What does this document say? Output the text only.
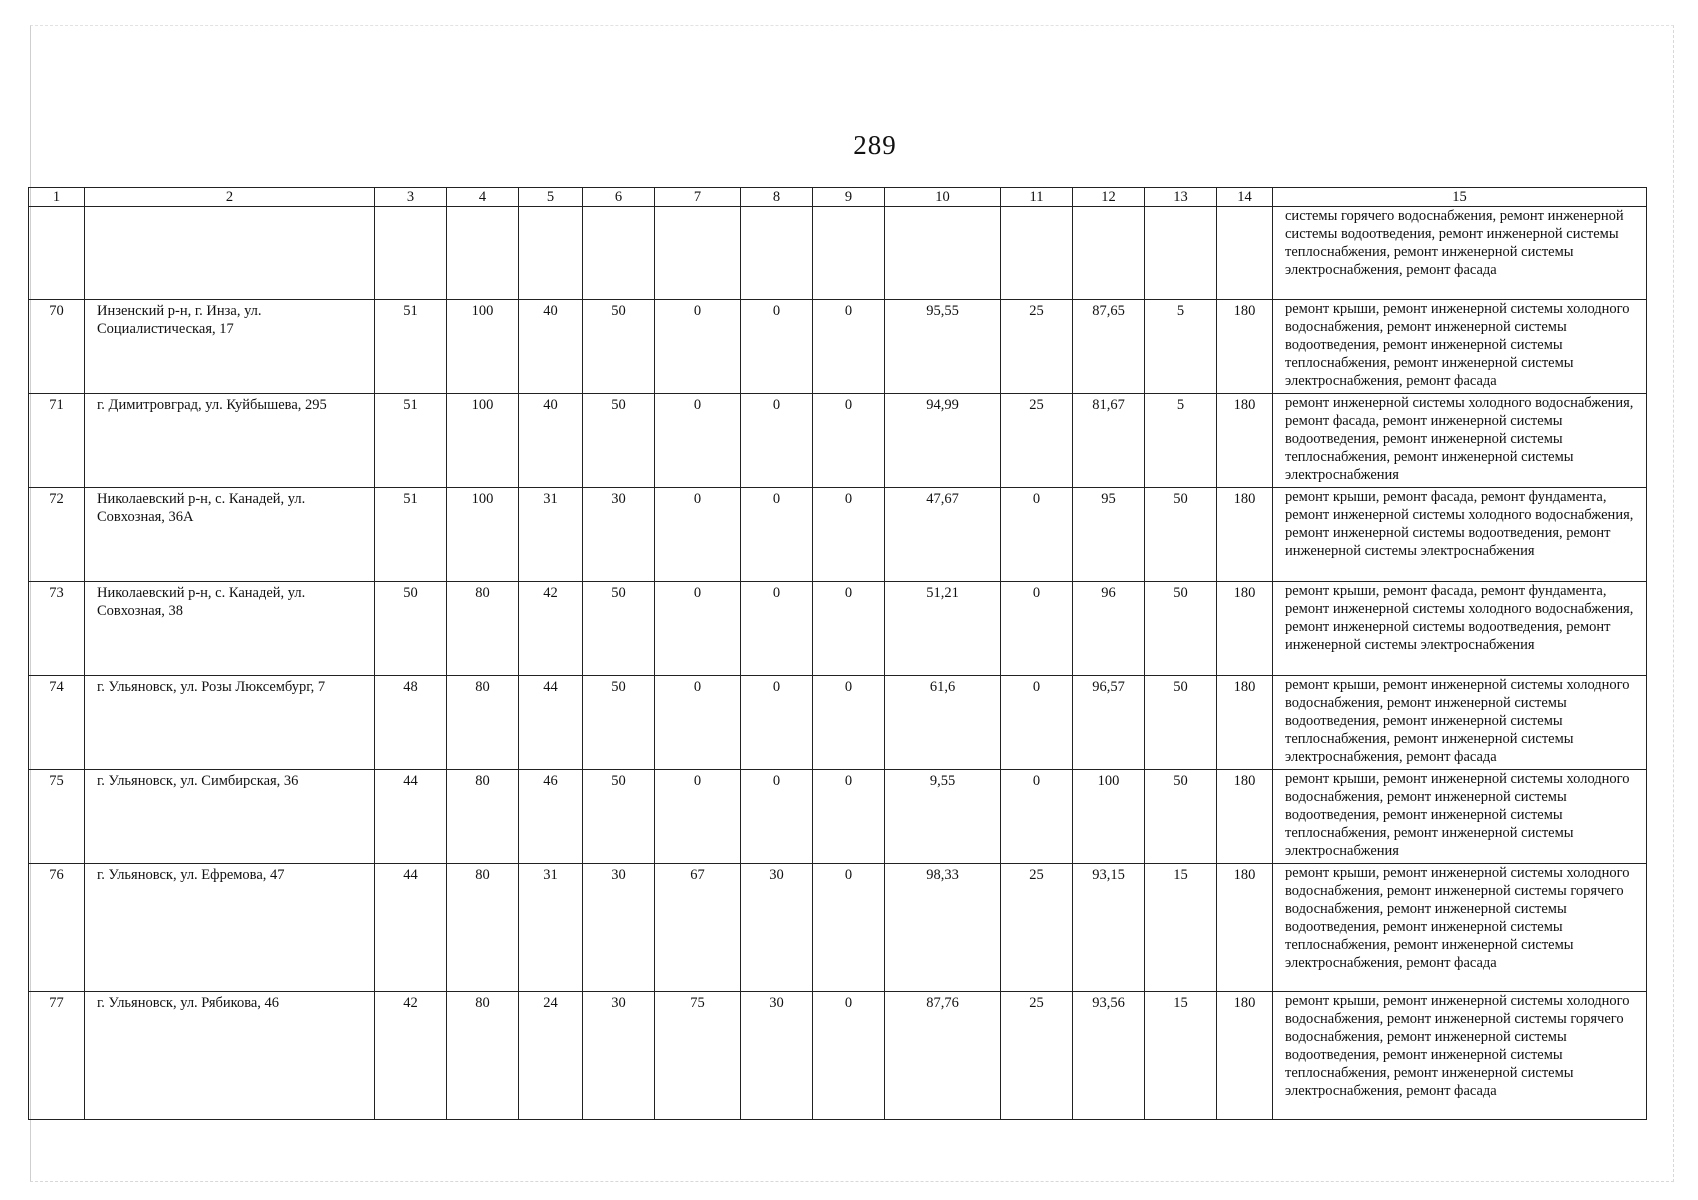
289
1	2	3	4	5	6	7	8	9	10	11	12	13	14	15
														системы горячего водоснабжения, ремонт инженерной системы водоотведения, ремонт инженерной системы теплоснабжения, ремонт инженерной системы электроснабжения, ремонт фасада
70	Инзенский р-н, г. Инза, ул. Социалистическая, 17	51	100	40	50	0	0	0	95,55	25	87,65	5	180	ремонт крыши, ремонт инженерной системы холодного водоснабжения, ремонт инженерной системы водоотведения, ремонт инженерной системы теплоснабжения, ремонт инженерной системы электроснабжения, ремонт фасада
71	г. Димитровград, ул. Куйбышева, 295	51	100	40	50	0	0	0	94,99	25	81,67	5	180	ремонт инженерной системы холодного водоснабжения, ремонт фасада, ремонт инженерной системы водоотведения, ремонт инженерной системы теплоснабжения, ремонт инженерной системы электроснабжения
72	Николаевский р-н, с. Канадей, ул. Совхозная, 36А	51	100	31	30	0	0	0	47,67	0	95	50	180	ремонт крыши, ремонт фасада, ремонт фундамента, ремонт инженерной системы холодного водоснабжения, ремонт инженерной системы водоотведения, ремонт инженерной системы электроснабжения
73	Николаевский р-н, с. Канадей, ул. Совхозная, 38	50	80	42	50	0	0	0	51,21	0	96	50	180	ремонт крыши, ремонт фасада, ремонт фундамента, ремонт инженерной системы холодного водоснабжения, ремонт инженерной системы водоотведения, ремонт инженерной системы электроснабжения
74	г. Ульяновск, ул. Розы Люксембург, 7	48	80	44	50	0	0	0	61,6	0	96,57	50	180	ремонт крыши, ремонт инженерной системы холодного водоснабжения, ремонт инженерной системы водоотведения, ремонт инженерной системы теплоснабжения, ремонт инженерной системы электроснабжения, ремонт фасада
75	г. Ульяновск, ул. Симбирская, 36	44	80	46	50	0	0	0	9,55	0	100	50	180	ремонт крыши, ремонт инженерной системы холодного водоснабжения, ремонт инженерной системы водоотведения, ремонт инженерной системы теплоснабжения, ремонт инженерной системы электроснабжения
76	г. Ульяновск, ул. Ефремова, 47	44	80	31	30	67	30	0	98,33	25	93,15	15	180	ремонт крыши, ремонт инженерной системы холодного водоснабжения, ремонт инженерной системы горячего водоснабжения, ремонт инженерной системы водоотведения, ремонт инженерной системы теплоснабжения, ремонт инженерной системы электроснабжения, ремонт фасада
77	г. Ульяновск, ул. Рябикова, 46	42	80	24	30	75	30	0	87,76	25	93,56	15	180	ремонт крыши, ремонт инженерной системы холодного водоснабжения, ремонт инженерной системы горячего водоснабжения, ремонт инженерной системы водоотведения, ремонт инженерной системы теплоснабжения, ремонт инженерной системы электроснабжения, ремонт фасада
